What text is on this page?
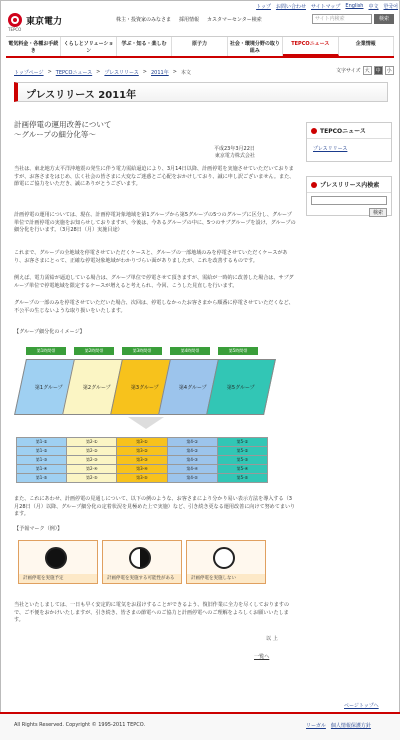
トップ お問い合わせ サイトマップ English 中文 한국어
東京電力
TEPCO
株主・投資家のみなさま 採用情報 カスタマーセンター検索	サイト内検索	検索
電気料金・各種お手続き
くらしとソリューション
学ぶ・知る・楽しむ	原子力	社会・環境分野の取り組み
TEPCOニュース	企業情報
トップページ > TEPCOニュース > プレスリリース > 2011年 > 本文	文字サイズ 大	中	小
プレスリリース 2011年
計画停電の運用改善について
～グループの細分化等～
平成23年3月22日
東京電力株式会社
当社は、東北地方太平洋沖地震の発生に伴う電力需給逼迫により、3月14日以降、計画停電を実施させていただいておりますが、お客さまをはじめ、広く社会の皆さまに大変なご迷惑とご心配をおかけしており、誠に申し訳ございません。また、節電にご協力をいただき、誠にありがとうございます。
計画停電の運用については、現在、計画停電対象地域を第1グループから第5グループの5つのグループに区分し、グループ単位で計画停電の実施をお知らせしておりますが、今後は、今あるグループの中に、5つのサブグループを設け、グループの細分化を行います。（3月28日（月）実施目途）
これまで、グループの全地域を停電させていただくケースと、グループの一部地域のみを停電させていただくケースがあり、お客さまにとって、正確な停電対象地域がわかりづらい面がありましたが、これを改善するものです。
例えば、電力需給が逼迫している場合は、グループ単位で停電させて頂きますが、需給が一時的に改善した場合は、サブグループ単位で停電地域を限定するケースが増えると考えられ、今回、こうした見直しを行います。
グループの一部のみを停電させていただいた場合、次回は、停電しなかったお客さまから順番に停電させていただくなど、不公平の生じないような取り扱いをいたします。
【グループ細分化のイメージ】
第1時間帯	第2時間帯	第3時間帯	第4時間帯	第5時間帯
第1グループ	第2グループ	第3グループ	第4グループ	第5グループ
第1-①	第2-①	第3-①	第4-①	第5-①
第1-②	第2-②	第3-②	第4-②	第5-②
第1-③	第2-③	第3-③	第4-③	第5-③
第1-④	第2-④	第3-④	第4-④	第5-④
第1-⑤	第2-⑤	第3-⑤	第4-⑤	第5-⑤
また、これにあわせ、計画停電の見通しについて、以下の例のような、お客さまにより分かり易い表示方法を導入する（3月28日（月）以降、グループ細分化の定着状況を見極めた上で実施）など、引き続き更なる運用改善に向けて努めてまいります。
【予報マーク（例）】
計画停電を実施予定	計画停電を実施する可能性がある	計画停電を実施しない
当社といたしましては、一日も早く安定的に電気をお届けすることができるよう、復旧作業に全力を尽くしておりますので、ご不便をおかけいたしますが、引き続き、皆さまの節電へのご協力と計画停電へのご理解をよろしくお願いいたします。
以 上
一覧へ
TEPCOニュース
プレスリリース
プレスリリース内検索
検索
ページトップへ
All Rights Reserved. Copyright © 1995-2011 TEPCO.	リーガル 個人情報保護方針
